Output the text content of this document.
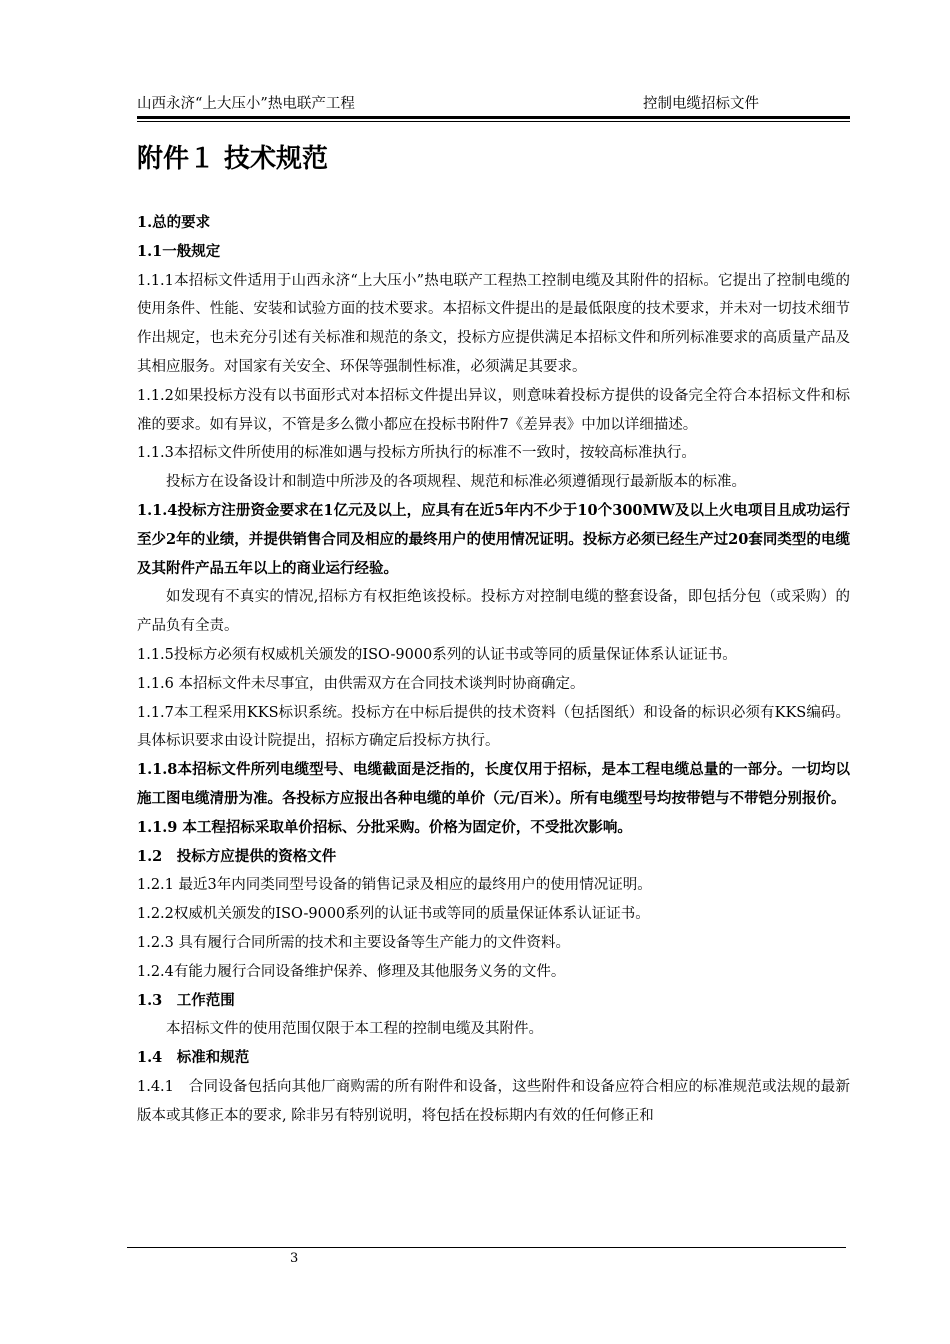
山西永济“上大压小”热电联产工程	控制电缆招标文件
附件１ 技术规范

1.总的要求

1.1一般规定

1.1.1本招标文件适用于山西永济“上大压小”热电联产工程热工控制电缆及其附件的招标。它提出了控制电缆的使用条件、性能、安装和试验方面的技术要求。本招标文件提出的是最低限度的技术要求，并未对一切技术细节作出规定，也未充分引述有关标准和规范的条文，投标方应提供满足本招标文件和所列标准要求的高质量产品及其相应服务。对国家有关安全、环保等强制性标准，必须满足其要求。

1.1.2如果投标方没有以书面形式对本招标文件提出异议，则意味着投标方提供的设备完全符合本招标文件和标准的要求。如有异议，不管是多么微小都应在投标书附件7《差异表》中加以详细描述。

1.1.3本招标文件所使用的标准如遇与投标方所执行的标准不一致时，按较高标准执行。

投标方在设备设计和制造中所涉及的各项规程、规范和标准必须遵循现行最新版本的标准。

1.1.4投标方注册资金要求在1亿元及以上，应具有在近5年内不少于10个300MW及以上火电项目且成功运行至少2年的业绩，并提供销售合同及相应的最终用户的使用情况证明。投标方必须已经生产过20套同类型的电缆及其附件产品五年以上的商业运行经验。

如发现有不真实的情况,招标方有权拒绝该投标。投标方对控制电缆的整套设备，即包括分包（或采购）的产品负有全责。

1.1.5投标方必须有权威机关颁发的ISO-9000系列的认证书或等同的质量保证体系认证证书。

1.1.6 本招标文件未尽事宜，由供需双方在合同技术谈判时协商确定。

1.1.7本工程采用KKS标识系统。投标方在中标后提供的技术资料（包括图纸）和设备的标识必须有KKS编码。具体标识要求由设计院提出，招标方确定后投标方执行。

1.1.8本招标文件所列电缆型号、电缆截面是泛指的，长度仅用于招标，是本工程电缆总量的一部分。一切均以施工图电缆清册为准。各投标方应报出各种电缆的单价（元/百米）。所有电缆型号均按带铠与不带铠分别报价。

1.1.9 本工程招标采取单价招标、分批采购。价格为固定价，不受批次影响。

1.2　投标方应提供的资格文件

1.2.1 最近3年内同类同型号设备的销售记录及相应的最终用户的使用情况证明。

1.2.2权威机关颁发的ISO-9000系列的认证书或等同的质量保证体系认证证书。

1.2.3 具有履行合同所需的技术和主要设备等生产能力的文件资料。

1.2.4有能力履行合同设备维护保养、修理及其他服务义务的文件。

1.3　工作范围

本招标文件的使用范围仅限于本工程的控制电缆及其附件。

1.4　标准和规范

1.4.1　合同设备包括向其他厂商购需的所有附件和设备，这些附件和设备应符合相应的标准规范或法规的最新版本或其修正本的要求, 除非另有特别说明，将包括在投标期内有效的任何修正和

3
